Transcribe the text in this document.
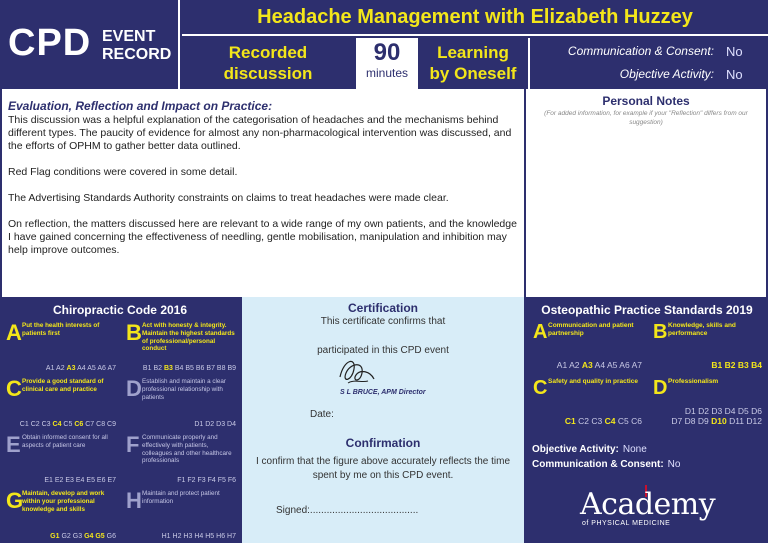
CPD EVENT
RECORD
Headache Management with Elizabeth Huzzey
Recorded
discussion
90
minutes
Learning
by Oneself
Communication & Consent: No
Objective Activity: No
Evaluation, Reflection and Impact on Practice:

This discussion was a helpful explanation of the categorisation of headaches and the mechanisms behind different types. The paucity of evidence for almost any non-pharmacological intervention was discussed, and the efforts of OPHM to gather better data outlined.

Red Flag conditions were covered in some detail.

The Advertising Standards Authority constraints on claims to treat headaches were made clear.

On reflection, the matters discussed here are relevant to a wide range of my own patients, and the knowledge I have gained concerning the effectiveness of needling, gentle mobilisation, manipulation and inhibition may help improve outcomes.

Personal Notes
(For added information, for example if your "Reflection" differs from our suggestion)
Chiropractic Code 2016
A Put the health interests of patients first
A1 A2 A3 A4 A5 A6 A7
B Act with honesty & integrity. Maintain the highest standards of professional/personal conduct
B1 B2 B3 B4 B5 B6 B7 B8 B9
C Provide a good standard of clinical care and practice
C1 C2 C3 C4 C5 C6 C7 C8 C9
D Establish and maintain a clear professional relationship with patients
D1 D2 D3 D4
E Obtain informed consent for all aspects of patient care
E1 E2 E3 E4 E5 E6 E7
F Communicate properly and effectively with patients, colleagues and other healthcare professionals
F1 F2 F3 F4 F5 F6
G
Maintain, develop and work within your professional knowledge and skills
G1 G2 G3 G4 G5 G6
H Maintain and protect patient information
H1 H2 H3 H4 H5 H6 H7
Certification
This certificate confirms that
participated in this CPD event
S L BRUCE, APM Director
Date:
Confirmation
I confirm that the figure above accurately reflects the time spent by me on this CPD event.
Signed:.......................................
Osteopathic Practice Standards 2019
A Communication and patient partnership
A1 A2 A3 A4 A5 A6 A7
B Knowledge, skills and performance
B1 B2 B3 B4
C Safety and quality in practice
C1 C2 C3 C4 C5 C6
D Professionalism
D1 D2 D3 D4 D5 D6
D7 D8 D9 D10 D11 D12
Objective Activity: None
Communication & Consent: No
Academy
of PHYSICAL MEDICINE
